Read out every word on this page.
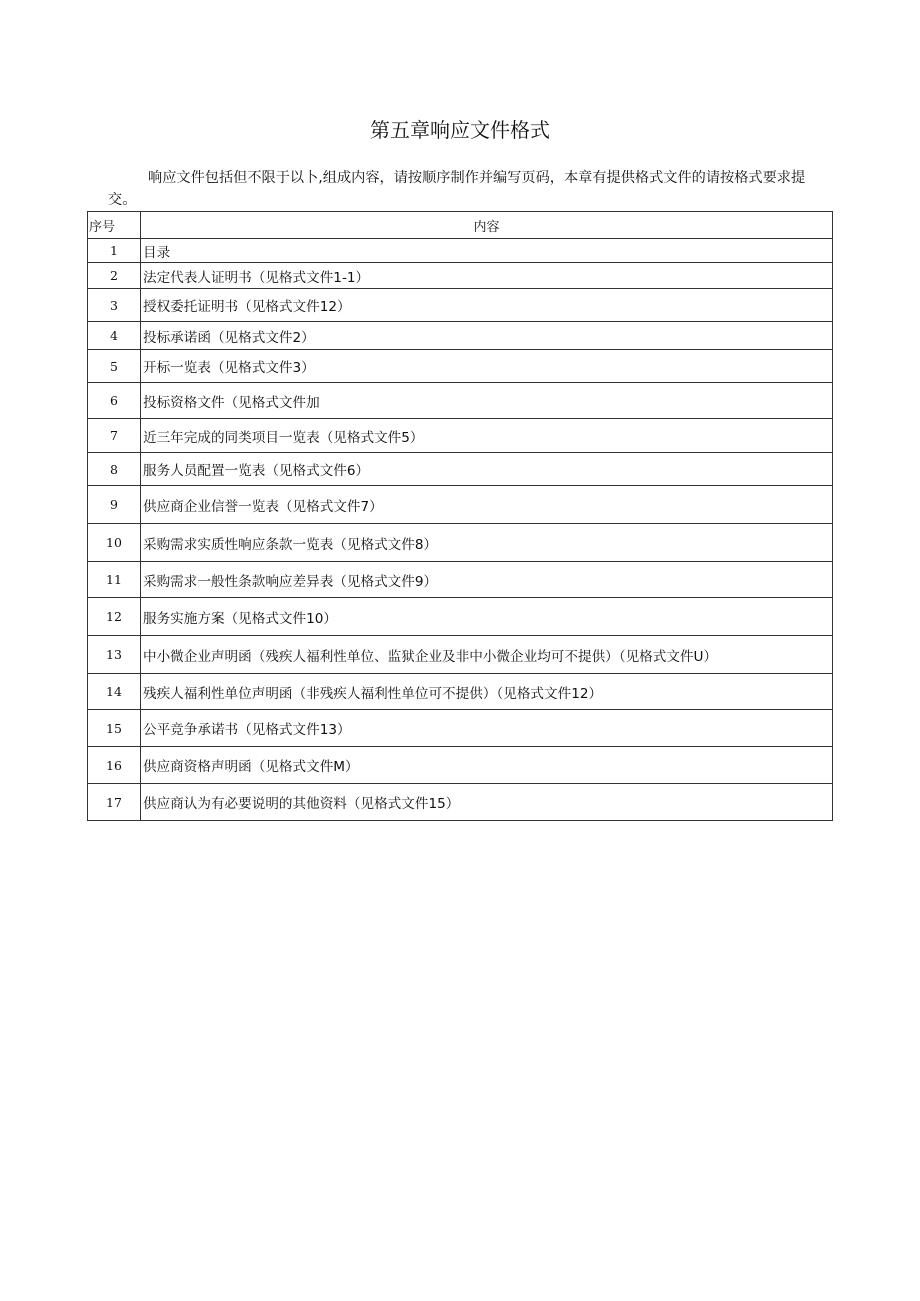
第五章响应文件格式
响应文件包括但不限于以卜,组成内容，请按顺序制作并编写页码，本章有提供格式文件的请按格式要求提交。
序号	内容
1	目录
2	法定代表人证明书（见格式文件1-1）
3	授权委托证明书（见格式文件12）
4	投标承诺函（见格式文件2）
5	开标一览表（见格式文件3）
6	投标资格文件（见格式文件加
7	近三年完成的同类项目一览表（见格式文件5）
8	服务人员配置一览表（见格式文件6）
9	供应商企业信誉一览表（见格式文件7）
10	采购需求实质性响应条款一览表（见格式文件8）
11	采购需求一般性条款响应差异表（见格式文件9）
12	服务实施方案（见格式文件10）
13	中小微企业声明函（残疾人福利性单位、监狱企业及非中小微企业均可不提供）（见格式文件U）
14	残疾人福利性单位声明函（非残疾人福利性单位可不提供）（见格式文件12）
15	公平竞争承诺书（见格式文件13）
16	供应商资格声明函（见格式文件M）
17	供应商认为有必要说明的其他资料（见格式文件15）
